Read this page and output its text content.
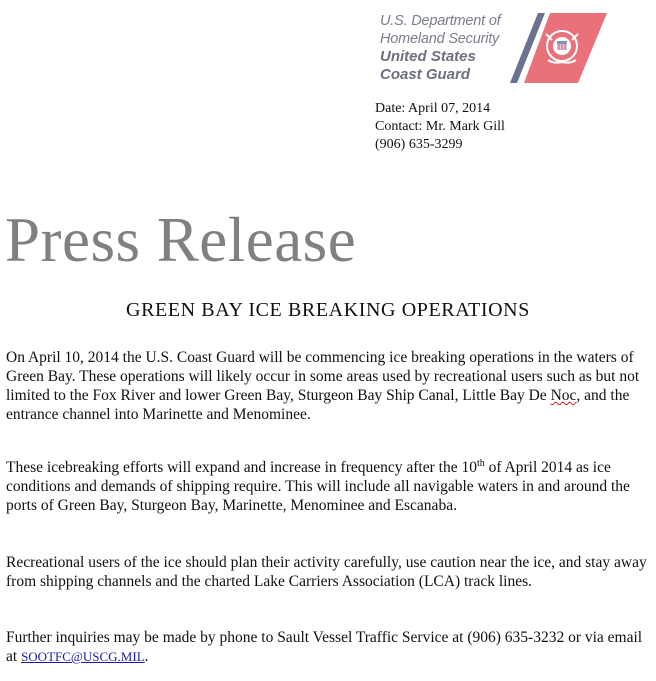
U.S. Department of
Homeland Security
United States
Coast Guard
Date: April 07, 2014
Contact: Mr. Mark Gill
(906) 635-3299
Press Release
GREEN BAY ICE BREAKING OPERATIONS
On April 10, 2014 the U.S. Coast Guard will be commencing ice breaking operations in the waters of Green Bay. These operations will likely occur in some areas used by recreational users such as but not limited to the Fox River and lower Green Bay, Sturgeon Bay Ship Canal, Little Bay De Noc, and the entrance channel into Marinette and Menominee.
These icebreaking efforts will expand and increase in frequency after the 10th of April 2014 as ice conditions and demands of shipping require. This will include all navigable waters in and around the ports of Green Bay, Sturgeon Bay, Marinette, Menominee and Escanaba.
Recreational users of the ice should plan their activity carefully, use caution near the ice, and stay away from shipping channels and the charted Lake Carriers Association (LCA) track lines.
Further inquiries may be made by phone to Sault Vessel Traffic Service at (906) 635-3232 or via email at SOOTFC@USCG.MIL.
